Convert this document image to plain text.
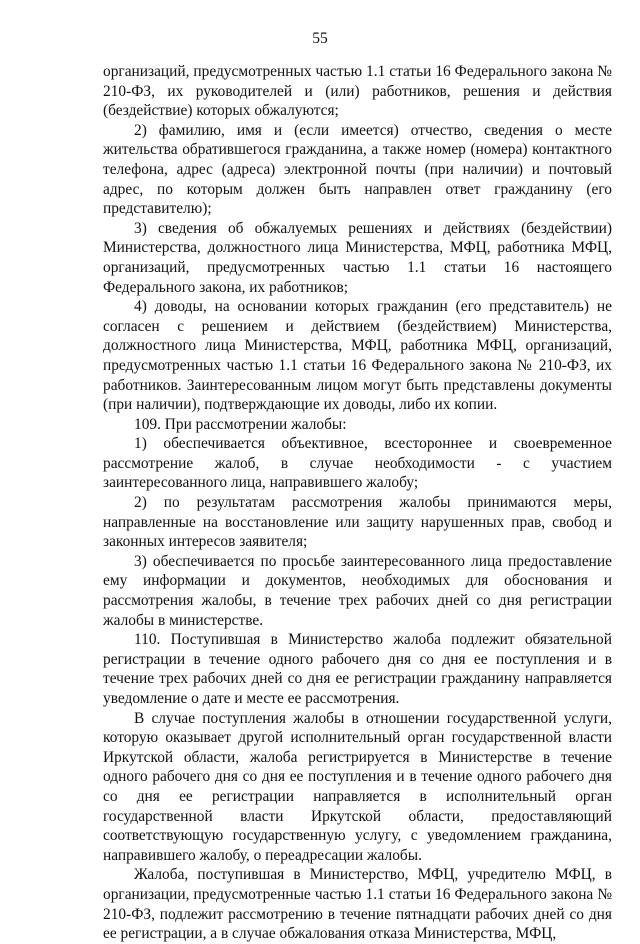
55

организаций, предусмотренных частью 1.1 статьи 16 Федерального закона № 210-ФЗ, их руководителей и (или) работников, решения и действия (бездействие) которых обжалуются;

2) фамилию, имя и (если имеется) отчество, сведения о месте жительства обратившегося гражданина, а также номер (номера) контактного телефона, адрес (адреса) электронной почты (при наличии) и почтовый адрес, по которым должен быть направлен ответ гражданину (его представителю);

3) сведения об обжалуемых решениях и действиях (бездействии) Министерства, должностного лица Министерства, МФЦ, работника МФЦ, организаций, предусмотренных частью 1.1 статьи 16 настоящего Федерального закона, их работников;

4) доводы, на основании которых гражданин (его представитель) не согласен с решением и действием (бездействием) Министерства, должностного лица Министерства, МФЦ, работника МФЦ, организаций, предусмотренных частью 1.1 статьи 16 Федерального закона № 210-ФЗ, их работников. Заинтересованным лицом могут быть представлены документы (при наличии), подтверждающие их доводы, либо их копии.

109. При рассмотрении жалобы:

1) обеспечивается объективное, всестороннее и своевременное рассмотрение жалоб, в случае необходимости - с участием заинтересованного лица, направившего жалобу;

2) по результатам рассмотрения жалобы принимаются меры, направленные на восстановление или защиту нарушенных прав, свобод и законных интересов заявителя;

3) обеспечивается по просьбе заинтересованного лица предоставление ему информации и документов, необходимых для обоснования и рассмотрения жалобы, в течение трех рабочих дней со дня регистрации жалобы в министерстве.

110. Поступившая в Министерство жалоба подлежит обязательной регистрации в течение одного рабочего дня со дня ее поступления и в течение трех рабочих дней со дня ее регистрации гражданину направляется уведомление о дате и месте ее рассмотрения.

В случае поступления жалобы в отношении государственной услуги, которую оказывает другой исполнительный орган государственной власти Иркутской области, жалоба регистрируется в Министерстве в течение одного рабочего дня со дня ее поступления и в течение одного рабочего дня со дня ее регистрации направляется в исполнительный орган государственной власти Иркутской области, предоставляющий соответствующую государственную услугу, с уведомлением гражданина, направившего жалобу, о переадресации жалобы.

Жалоба, поступившая в Министерство, МФЦ, учредителю МФЦ, в организации, предусмотренные частью 1.1 статьи 16 Федерального закона № 210-ФЗ, подлежит рассмотрению в течение пятнадцати рабочих дней со дня ее регистрации, а в случае обжалования отказа Министерства, МФЦ,
